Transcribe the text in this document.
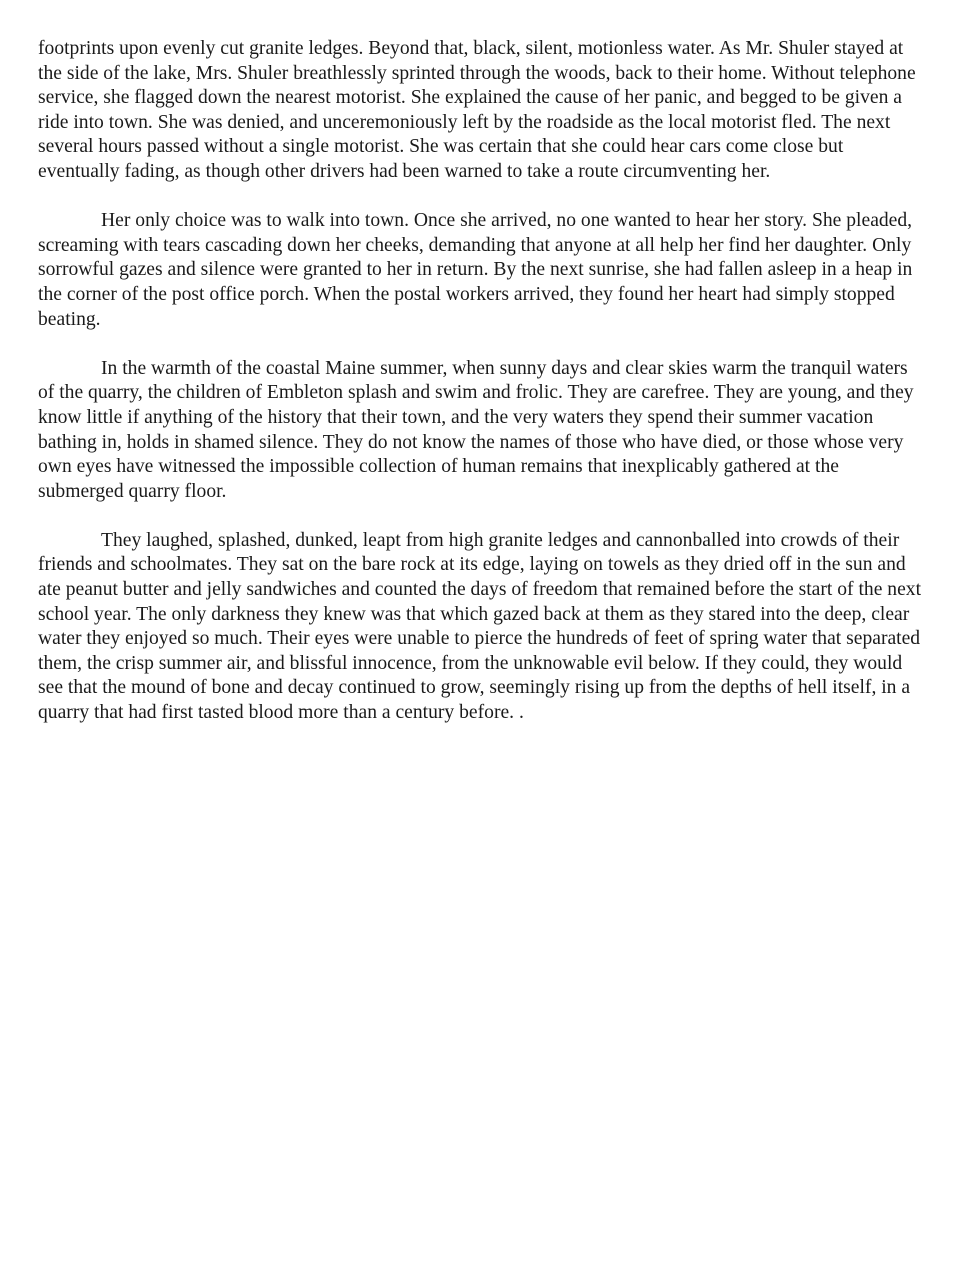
footprints upon evenly cut granite ledges. Beyond that, black, silent, motionless water. As Mr. Shuler stayed at the side of the lake, Mrs. Shuler breathlessly sprinted through the woods, back to their home. Without telephone service, she flagged down the nearest motorist. She explained the cause of her panic, and begged to be given a ride into town. She was denied, and unceremoniously left by the roadside as the local motorist fled. The next several hours passed without a single motorist. She was certain that she could hear cars come close but eventually fading, as though other drivers had been warned to take a route circumventing her.

Her only choice was to walk into town. Once she arrived, no one wanted to hear her story. She pleaded, screaming with tears cascading down her cheeks, demanding that anyone at all help her find her daughter. Only sorrowful gazes and silence were granted to her in return. By the next sunrise, she had fallen asleep in a heap in the corner of the post office porch. When the postal workers arrived, they found her heart had simply stopped beating.

In the warmth of the coastal Maine summer, when sunny days and clear skies warm the tranquil waters of the quarry, the children of Embleton splash and swim and frolic. They are carefree. They are young, and they know little if anything of the history that their town, and the very waters they spend their summer vacation bathing in, holds in shamed silence. They do not know the names of those who have died, or those whose very own eyes have witnessed the impossible collection of human remains that inexplicably gathered at the submerged quarry floor.

They laughed, splashed, dunked, leapt from high granite ledges and cannonballed into crowds of their friends and schoolmates. They sat on the bare rock at its edge, laying on towels as they dried off in the sun and ate peanut butter and jelly sandwiches and counted the days of freedom that remained before the start of the next school year. The only darkness they knew was that which gazed back at them as they stared into the deep, clear water they enjoyed so much. Their eyes were unable to pierce the hundreds of feet of spring water that separated them, the crisp summer air, and blissful innocence, from the unknowable evil below. If they could, they would see that the mound of bone and decay continued to grow, seemingly rising up from the depths of hell itself, in a quarry that had first tasted blood more than a century before. .
